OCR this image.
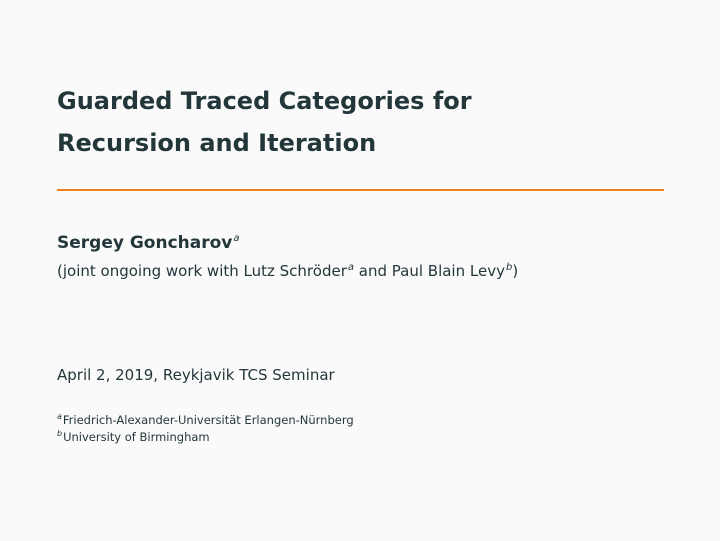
Guarded Traced Categories for
Recursion and Iteration
Sergey Goncharov$^a$
(joint ongoing work with Lutz Schröder$^a$ and Paul Blain Levy$^b$)
April 2, 2019, Reykjavik TCS Seminar
$^a$Friedrich-Alexander-Universität Erlangen-Nürnberg
$^b$University of Birmingham
